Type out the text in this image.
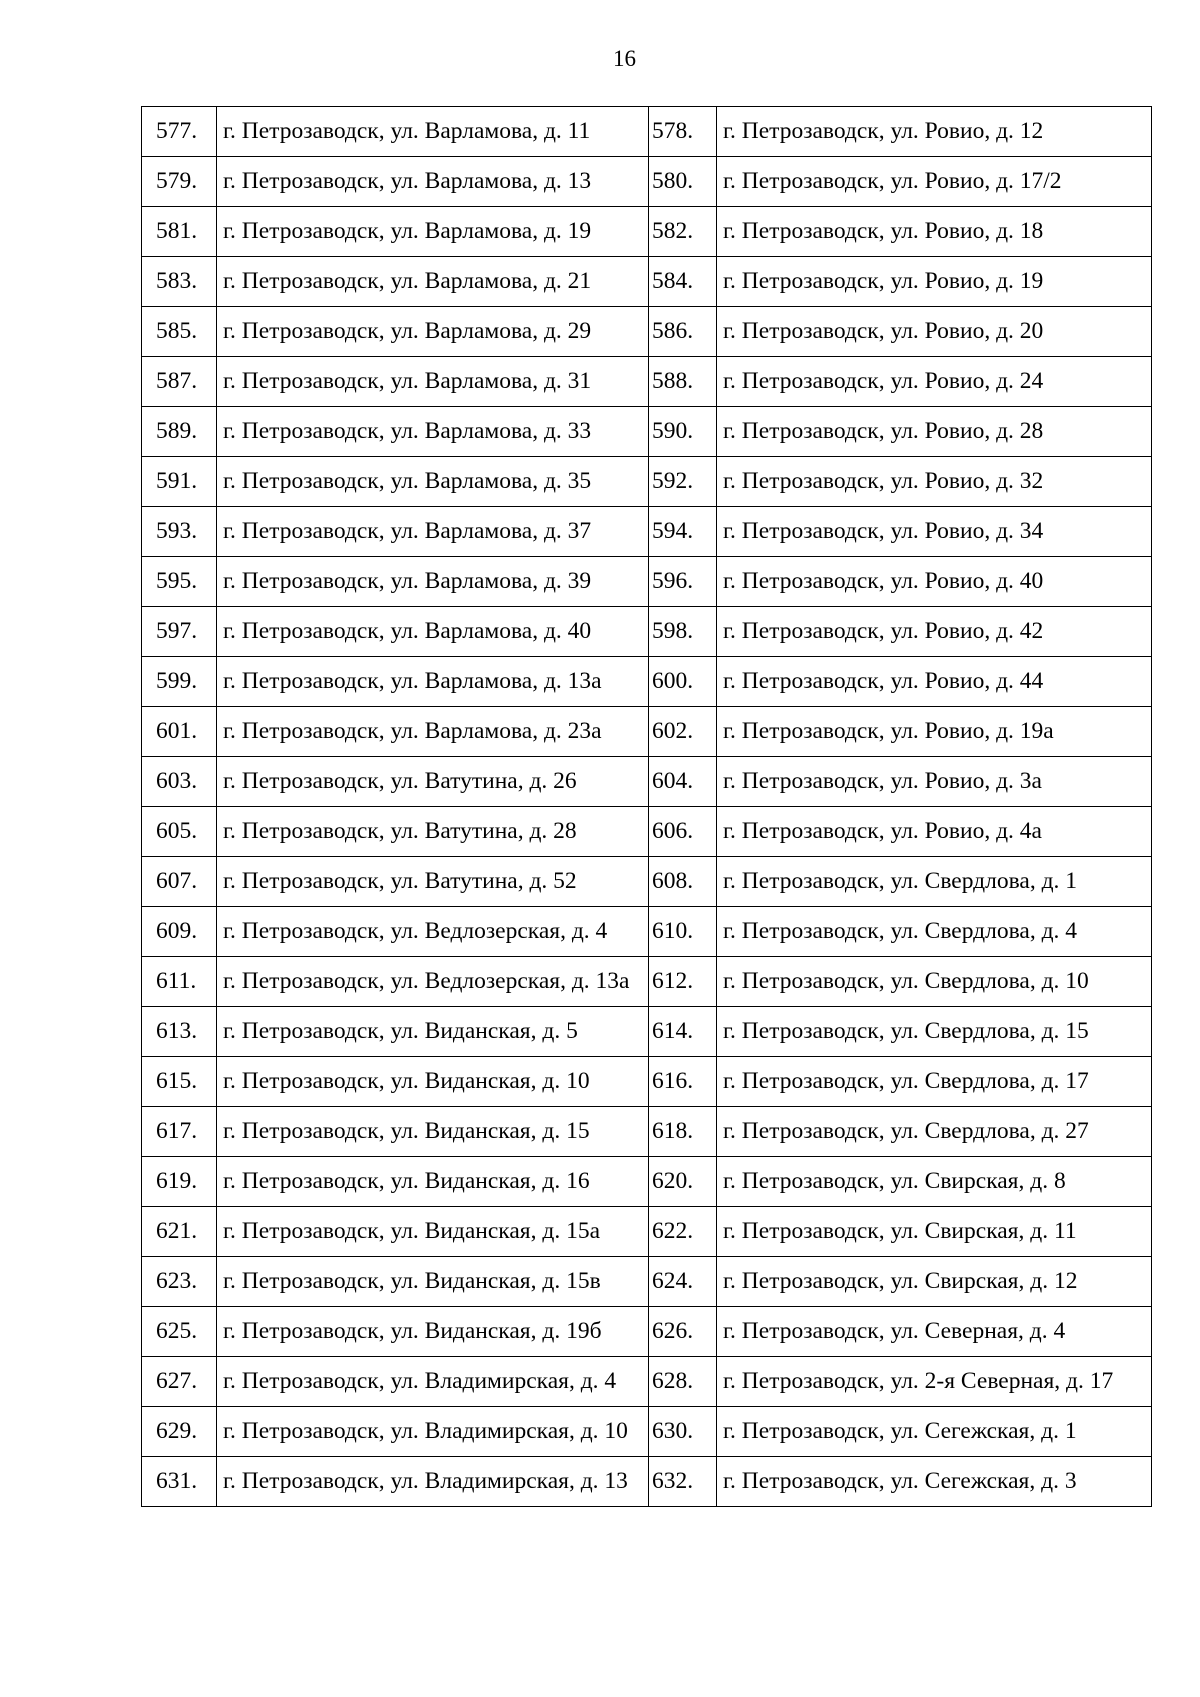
16
577.	г. Петрозаводск, ул. Варламова, д. 11	578.	г. Петрозаводск, ул. Ровио, д. 12
579.	г. Петрозаводск, ул. Варламова, д. 13	580.	г. Петрозаводск, ул. Ровио, д. 17/2
581.	г. Петрозаводск, ул. Варламова, д. 19	582.	г. Петрозаводск, ул. Ровио, д. 18
583.	г. Петрозаводск, ул. Варламова, д. 21	584.	г. Петрозаводск, ул. Ровио, д. 19
585.	г. Петрозаводск, ул. Варламова, д. 29	586.	г. Петрозаводск, ул. Ровио, д. 20
587.	г. Петрозаводск, ул. Варламова, д. 31	588.	г. Петрозаводск, ул. Ровио, д. 24
589.	г. Петрозаводск, ул. Варламова, д. 33	590.	г. Петрозаводск, ул. Ровио, д. 28
591.	г. Петрозаводск, ул. Варламова, д. 35	592.	г. Петрозаводск, ул. Ровио, д. 32
593.	г. Петрозаводск, ул. Варламова, д. 37	594.	г. Петрозаводск, ул. Ровио, д. 34
595.	г. Петрозаводск, ул. Варламова, д. 39	596.	г. Петрозаводск, ул. Ровио, д. 40
597.	г. Петрозаводск, ул. Варламова, д. 40	598.	г. Петрозаводск, ул. Ровио, д. 42
599.	г. Петрозаводск, ул. Варламова, д. 13а	600.	г. Петрозаводск, ул. Ровио, д. 44
601.	г. Петрозаводск, ул. Варламова, д. 23а	602.	г. Петрозаводск, ул. Ровио, д. 19а
603.	г. Петрозаводск, ул. Ватутина, д. 26	604.	г. Петрозаводск, ул. Ровио, д. 3а
605.	г. Петрозаводск, ул. Ватутина, д. 28	606.	г. Петрозаводск, ул. Ровио, д. 4а
607.	г. Петрозаводск, ул. Ватутина, д. 52	608.	г. Петрозаводск, ул. Свердлова, д. 1
609.	г. Петрозаводск, ул. Ведлозерская, д. 4	610.	г. Петрозаводск, ул. Свердлова, д. 4
611.	г. Петрозаводск, ул. Ведлозерская, д. 13а	612.	г. Петрозаводск, ул. Свердлова, д. 10
613.	г. Петрозаводск, ул. Виданская, д. 5	614.	г. Петрозаводск, ул. Свердлова, д. 15
615.	г. Петрозаводск, ул. Виданская, д. 10	616.	г. Петрозаводск, ул. Свердлова, д. 17
617.	г. Петрозаводск, ул. Виданская, д. 15	618.	г. Петрозаводск, ул. Свердлова, д. 27
619.	г. Петрозаводск, ул. Виданская, д. 16	620.	г. Петрозаводск, ул. Свирская, д. 8
621.	г. Петрозаводск, ул. Виданская, д. 15а	622.	г. Петрозаводск, ул. Свирская, д. 11
623.	г. Петрозаводск, ул. Виданская, д. 15в	624.	г. Петрозаводск, ул. Свирская, д. 12
625.	г. Петрозаводск, ул. Виданская, д. 19б	626.	г. Петрозаводск, ул. Северная, д. 4
627.	г. Петрозаводск, ул. Владимирская, д. 4	628.	г. Петрозаводск, ул. 2-я Северная, д. 17
629.	г. Петрозаводск, ул. Владимирская, д. 10	630.	г. Петрозаводск, ул. Сегежская, д. 1
631.	г. Петрозаводск, ул. Владимирская, д. 13	632.	г. Петрозаводск, ул. Сегежская, д. 3
